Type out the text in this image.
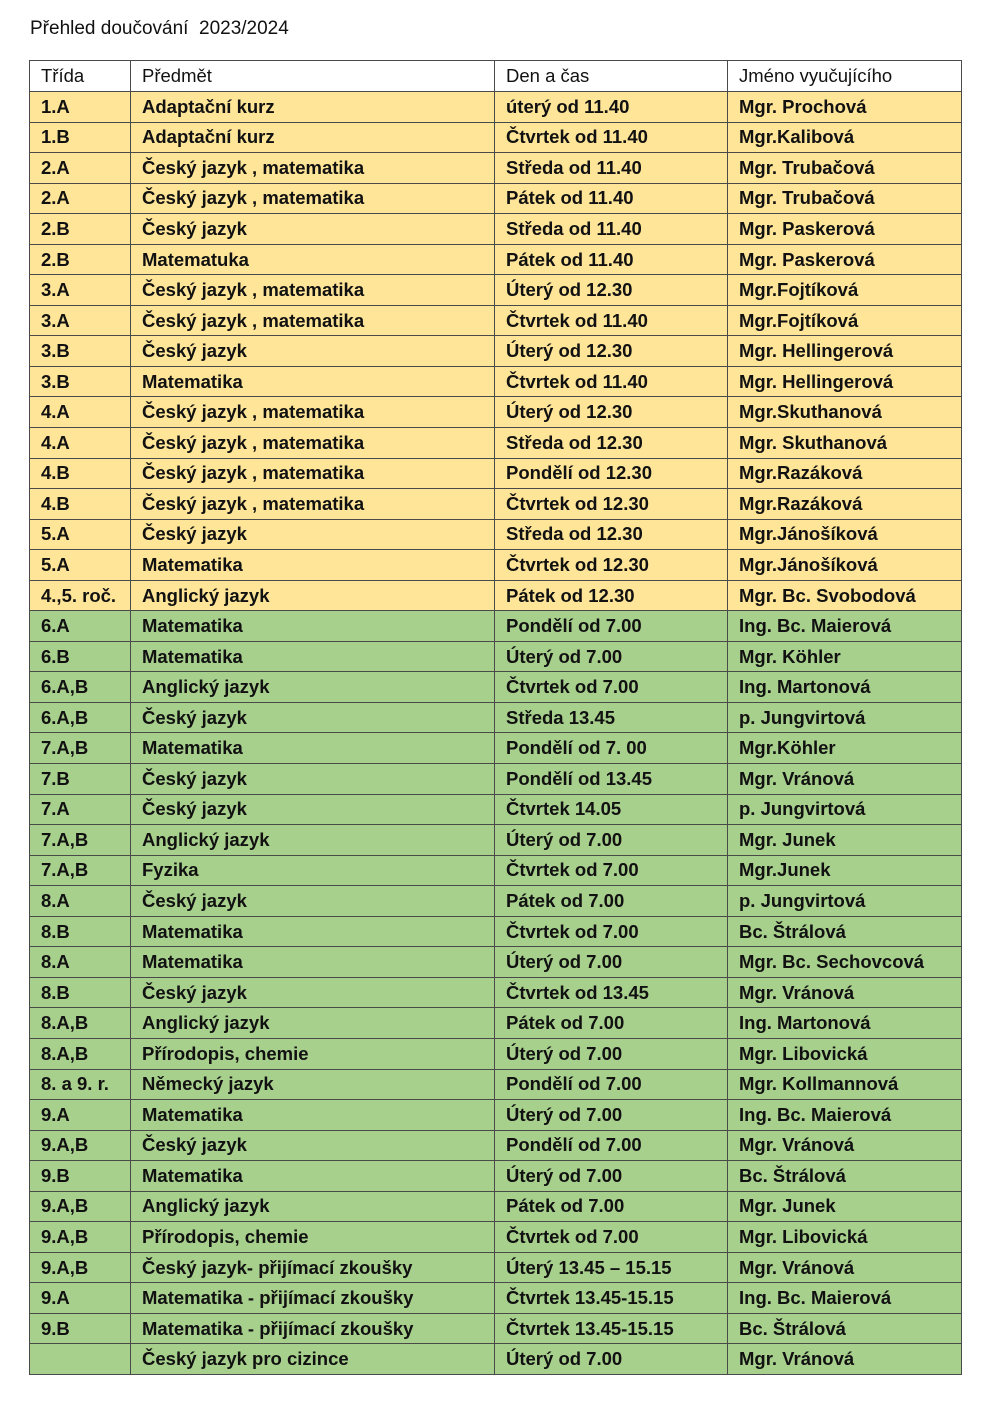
Přehled doučování  2023/2024
Třída	Předmět	Den a čas	Jméno vyučujícího
1.A	Adaptační kurz	úterý od 11.40	Mgr. Prochová
1.B	Adaptační kurz	Čtvrtek od 11.40	Mgr.Kalibová
2.A	Český jazyk , matematika	Středa od 11.40	Mgr. Trubačová
2.A	Český jazyk , matematika	Pátek od 11.40	Mgr. Trubačová
2.B	Český jazyk	Středa od 11.40	Mgr. Paskerová
2.B	Matematuka	Pátek od 11.40	Mgr. Paskerová
3.A	Český jazyk , matematika	Úterý od 12.30	Mgr.Fojtíková
3.A	Český jazyk , matematika	Čtvrtek od 11.40	Mgr.Fojtíková
3.B	Český jazyk	Úterý od 12.30	Mgr. Hellingerová
3.B	Matematika	Čtvrtek od 11.40	Mgr. Hellingerová
4.A	Český jazyk , matematika	Úterý od 12.30	Mgr.Skuthanová
4.A	Český jazyk , matematika	Středa od 12.30	Mgr. Skuthanová
4.B	Český jazyk , matematika	Pondělí od 12.30	Mgr.Razáková
4.B	Český jazyk , matematika	Čtvrtek od 12.30	Mgr.Razáková
5.A	Český jazyk	Středa od 12.30	Mgr.Jánošíková
5.A	Matematika	Čtvrtek od 12.30	Mgr.Jánošíková
4.,5. roč.	Anglický jazyk	Pátek od 12.30	Mgr. Bc. Svobodová
6.A	Matematika	Pondělí od 7.00	Ing. Bc. Maierová
6.B	Matematika	Úterý od 7.00	Mgr. Köhler
6.A,B	Anglický jazyk	Čtvrtek od 7.00	Ing. Martonová
6.A,B	Český jazyk	Středa 13.45	p. Jungvirtová
7.A,B	Matematika	Pondělí od 7. 00	Mgr.Köhler
7.B	Český jazyk	Pondělí od 13.45	Mgr. Vránová
7.A	Český jazyk	Čtvrtek 14.05	p. Jungvirtová
7.A,B	Anglický jazyk	Úterý od 7.00	Mgr. Junek
7.A,B	Fyzika	Čtvrtek od 7.00	Mgr.Junek
8.A	Český jazyk	Pátek od 7.00	p. Jungvirtová
8.B	Matematika	Čtvrtek od 7.00	Bc. Štrálová
8.A	Matematika	Úterý od 7.00	Mgr. Bc. Sechovcová
8.B	Český jazyk	Čtvrtek od 13.45	Mgr. Vránová
8.A,B	Anglický jazyk	Pátek od 7.00	Ing. Martonová
8.A,B	Přírodopis, chemie	Úterý od 7.00	Mgr. Libovická
8. a 9. r.	Německý jazyk	Pondělí od 7.00	Mgr. Kollmannová
9.A	Matematika	Úterý od 7.00	Ing. Bc. Maierová
9.A,B	Český jazyk	Pondělí od 7.00	Mgr. Vránová
9.B	Matematika	Úterý od 7.00	Bc. Štrálová
9.A,B	Anglický jazyk	Pátek od 7.00	Mgr. Junek
9.A,B	Přírodopis, chemie	Čtvrtek od 7.00	Mgr. Libovická
9.A,B	Český jazyk- přijímací zkoušky	Úterý 13.45 – 15.15	Mgr. Vránová
9.A	Matematika - přijímací zkoušky	Čtvrtek 13.45-15.15	Ing. Bc. Maierová
9.B	Matematika - přijímací zkoušky	Čtvrtek 13.45-15.15	Bc. Štrálová
	Český jazyk pro cizince	Úterý od 7.00	Mgr. Vránová
